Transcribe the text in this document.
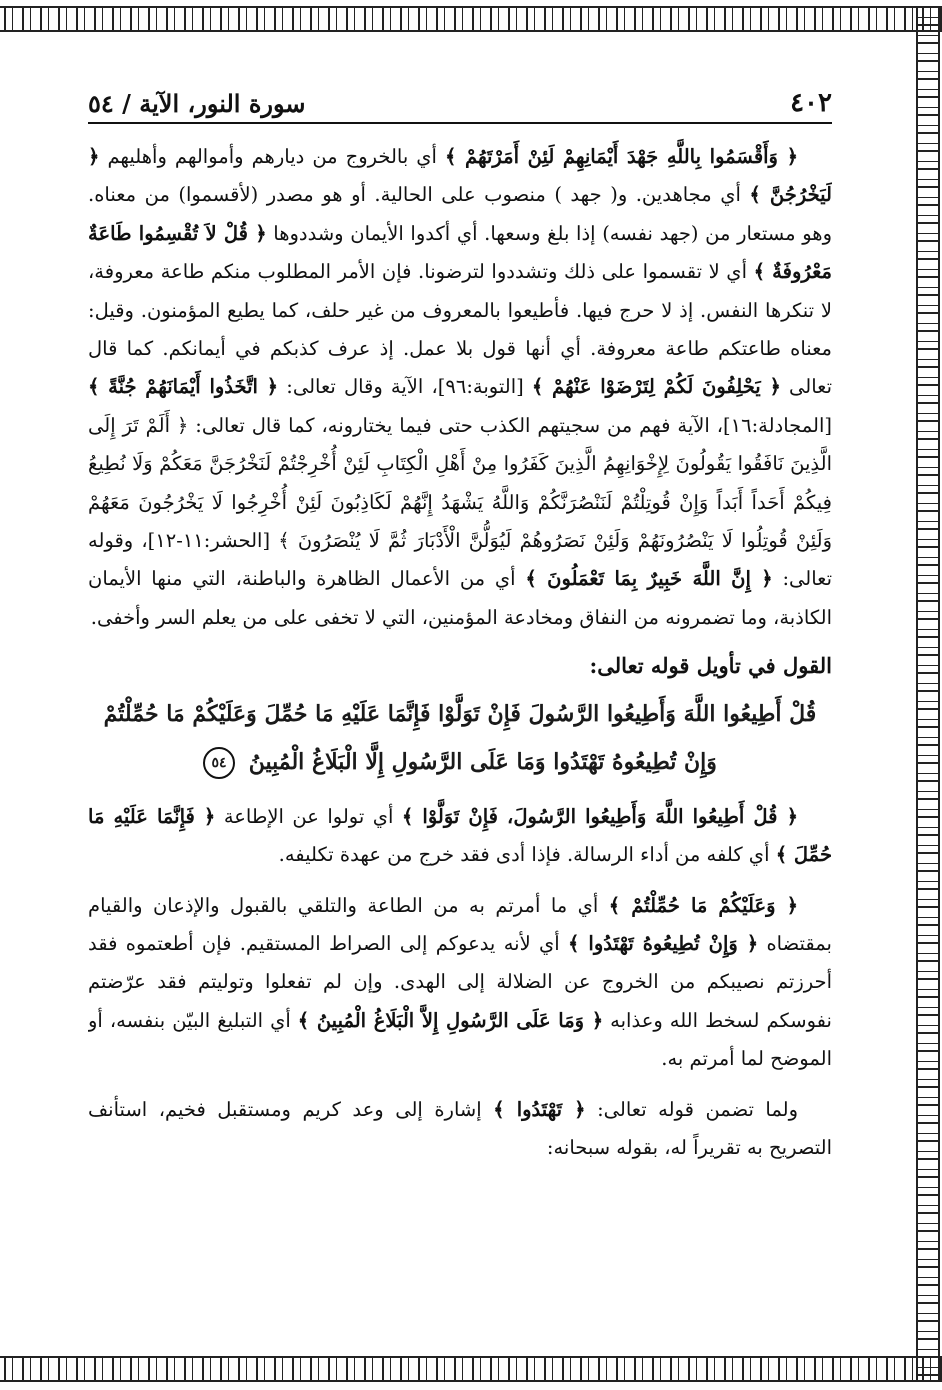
٤٠٢
سورة النور، الآية / ٥٤

﴿ وَأَقْسَمُوا بِاللَّهِ جَهْدَ أَيْمَانِهِمْ لَئِنْ أَمَرْتَهُمْ ﴾ أي بالخروج من ديارهم وأموالهم وأهليهم ﴿ لَيَخْرُجُنَّ ﴾ أي مجاهدين. و( جهد ) منصوب على الحالية. أو هو مصدر (لأقسموا) من معناه. وهو مستعار من (جهد نفسه) إذا بلغ وسعها. أي أكدوا الأيمان وشددوها ﴿ قُلْ لاَ تُقْسِمُوا طَاعَةٌ مَعْرُوفَةٌ ﴾ أي لا تقسموا على ذلك وتشددوا لترضونا. فإن الأمر المطلوب منكم طاعة معروفة، لا تنكرها النفس. إذ لا حرج فيها. فأطيعوا بالمعروف من غير حلف، كما يطيع المؤمنون. وقيل: معناه طاعتكم طاعة معروفة. أي أنها قول بلا عمل. إذ عرف كذبكم في أيمانكم. كما قال تعالى ﴿ يَحْلِفُونَ لَكُمْ لِتَرْضَوْا عَنْهُمْ ﴾ [التوبة:٩٦]، الآية وقال تعالى: ﴿ اتَّخَذُوا أَيْمَانَهُمْ جُنَّةً ﴾ [المجادلة:١٦]، الآية فهم من سجيتهم الكذب حتى فيما يختارونه، كما قال تعالى: ﴿ أَلَمْ تَرَ إِلَى الَّذِينَ نَافَقُوا يَقُولُونَ لِإِخْوَانِهِمُ الَّذِينَ كَفَرُوا مِنْ أَهْلِ الْكِتَابِ لَئِنْ أُخْرِجْتُمْ لَنَخْرُجَنَّ مَعَكُمْ وَلَا نُطِيعُ فِيكُمْ أَحَداً أَبَداً وَإِنْ قُوتِلْتُمْ لَنَنْصُرَنَّكُمْ وَاللَّهُ يَشْهَدُ إِنَّهُمْ لَكَاذِبُونَ لَئِنْ أُخْرِجُوا لَا يَخْرُجُونَ مَعَهُمْ وَلَئِنْ قُوتِلُوا لَا يَنْصُرُونَهُمْ وَلَئِنْ نَصَرُوهُمْ لَيُوَلُّنَّ الْأَدْبَارَ ثُمَّ لَا يُنْصَرُونَ ﴾ [الحشر:١١-١٢]، وقوله تعالى: ﴿ إِنَّ اللَّهَ خَبِيرٌ بِمَا تَعْمَلُونَ ﴾ أي من الأعمال الظاهرة والباطنة، التي منها الأيمان الكاذبة، وما تضمرونه من النفاق ومخادعة المؤمنين، التي لا تخفى على من يعلم السر وأخفى.

القول في تأويل قوله تعالى:
قُلْ أَطِيعُوا اللَّهَ وَأَطِيعُوا الرَّسُولَ فَإِنْ تَوَلَّوْا فَإِنَّمَا عَلَيْهِ مَا حُمِّلَ وَعَلَيْكُمْ مَا حُمِّلْتُمْ
وَإِنْ تُطِيعُوهُ تَهْتَدُوا وَمَا عَلَى الرَّسُولِ إِلَّا الْبَلَاغُ الْمُبِينُ ٥٤

﴿ قُلْ أَطِيعُوا اللَّهَ وَأَطِيعُوا الرَّسُولَ، فَإِنْ تَوَلَّوْا ﴾ أي تولوا عن الإطاعة ﴿ فَإِنَّمَا عَلَيْهِ مَا حُمِّلَ ﴾ أي كلفه من أداء الرسالة. فإذا أدى فقد خرج من عهدة تكليفه.

﴿ وَعَلَيْكُمْ مَا حُمِّلْتُمْ ﴾ أي ما أمرتم به من الطاعة والتلقي بالقبول والإذعان والقيام بمقتضاه ﴿ وَإِنْ تُطِيعُوهُ تَهْتَدُوا ﴾ أي لأنه يدعوكم إلى الصراط المستقيم. فإن أطعتموه فقد أحرزتم نصيبكم من الخروج عن الضلالة إلى الهدى. وإن لم تفعلوا وتوليتم فقد عرّضتم نفوسكم لسخط الله وعذابه ﴿ وَمَا عَلَى الرَّسُولِ إِلاَّ الْبَلَاغُ الْمُبِينُ ﴾ أي التبليغ البيّن بنفسه، أو الموضح لما أمرتم به.

ولما تضمن قوله تعالى: ﴿ تَهْتَدُوا ﴾ إشارة إلى وعد كريم ومستقبل فخيم، استأنف التصريح به تقريراً له، بقوله سبحانه:
